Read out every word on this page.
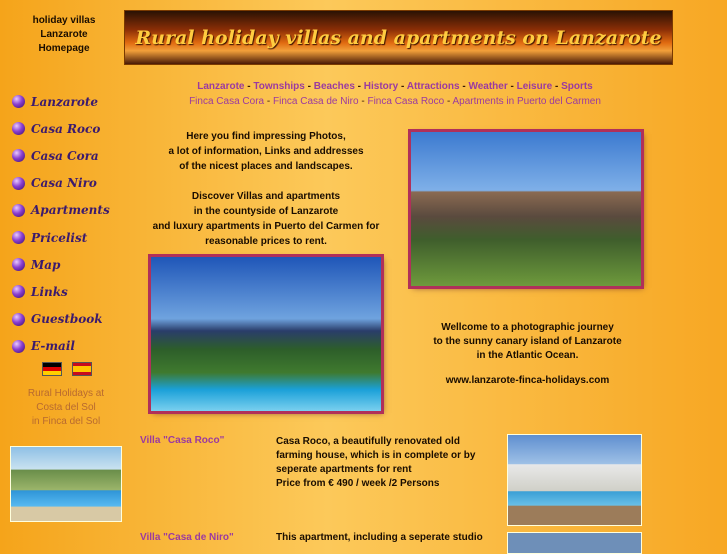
holiday villas
Lanzarote
Homepage	Rural holiday villas and apartments on Lanzarote
Lanzarote
Casa Roco
Casa Cora
Casa Niro
Apartments
Pricelist
Map
Links
Guestbook
E-mail
Rural Holidays at
Costa del Sol
in Finca del Sol
Lanzarote - Townships - Beaches - History - Attractions - Weather - Leisure - Sports
Finca Casa Cora - Finca Casa de Niro - Finca Casa Roco - Apartments in Puerto del Carmen
Here you find impressing Photos,
a lot of information, Links and addresses
of the nicest places and landscapes.
Discover Villas and apartments
in the countyside of Lanzarote
and luxury apartments in Puerto del Carmen for
reasonable prices to rent.
Wellcome to a photographic journey
to the sunny canary island of Lanzarote
in the Atlantic Ocean.
www.lanzarote-finca-holidays.com
Villa "Casa Roco"	Casa Roco, a beautifully renovated old
farming house, which is in complete or by
seperate apartments for rent
Price from € 490 / week /2 Persons
Villa "Casa de Niro"	This apartment, including a seperate studio
